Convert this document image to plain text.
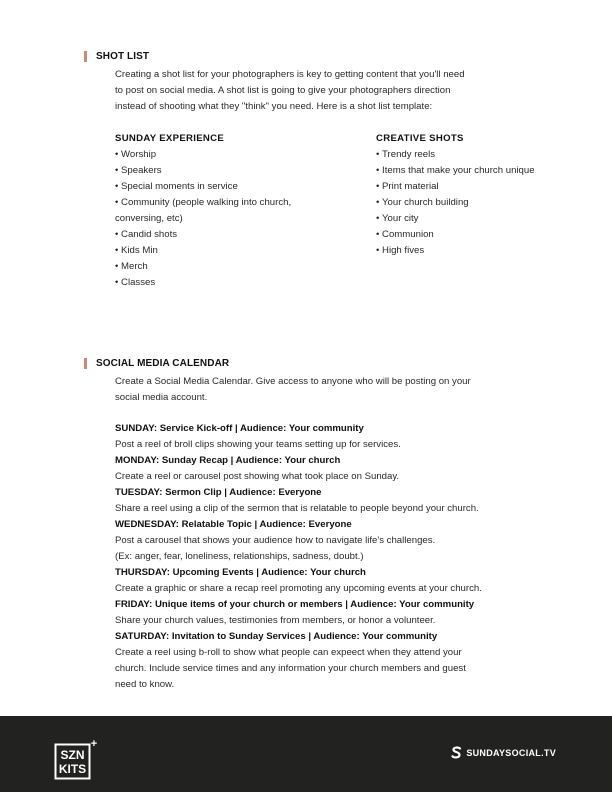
SHOT LIST

Creating a shot list for your photographers is key to getting content that you'll need
to post on social media. A shot list is going to give your photographers direction
instead of shooting what they "think" you need. Here is a shot list template:

SUNDAY EXPERIENCE
• Worship
• Speakers
• Special moments in service
• Community (people walking into church, conversing, etc)
• Candid shots
• Kids Min
• Merch
• Classes
CREATIVE SHOTS
• Trendy reels
• Items that make your church unique
• Print material
• Your church building
• Your city
• Communion
• High fives
SOCIAL MEDIA CALENDAR

Create a Social Media Calendar. Give access to anyone who will be posting on your
social media account.

SUNDAY: Service Kick-off | Audience: Your community

Post a reel of broll clips showing your teams setting up for services.

MONDAY: Sunday Recap | Audience: Your church

Create a reel or carousel post showing what took place on Sunday.

TUESDAY: Sermon Clip | Audience: Everyone

Share a reel using a clip of the sermon that is relatable to people beyond your church.

WEDNESDAY: Relatable Topic | Audience: Everyone

Post a carousel that shows your audience how to navigate life's challenges.

(Ex: anger, fear, loneliness, relationships, sadness, doubt.)

THURSDAY: Upcoming Events | Audience: Your church

Create a graphic or share a recap reel promoting any upcoming events at your church.

FRIDAY: Unique items of your church or members | Audience: Your community

Share your church values, testimonies from members, or honor a volunteer.

SATURDAY: Invitation to Sunday Services | Audience: Your community

Create a reel using b-roll to show what people can expeect when they attend your

church. Include service times and any information your church members and guest

need to know.

SZN
KITS
+
SUNDAYSOCIAL.TV
